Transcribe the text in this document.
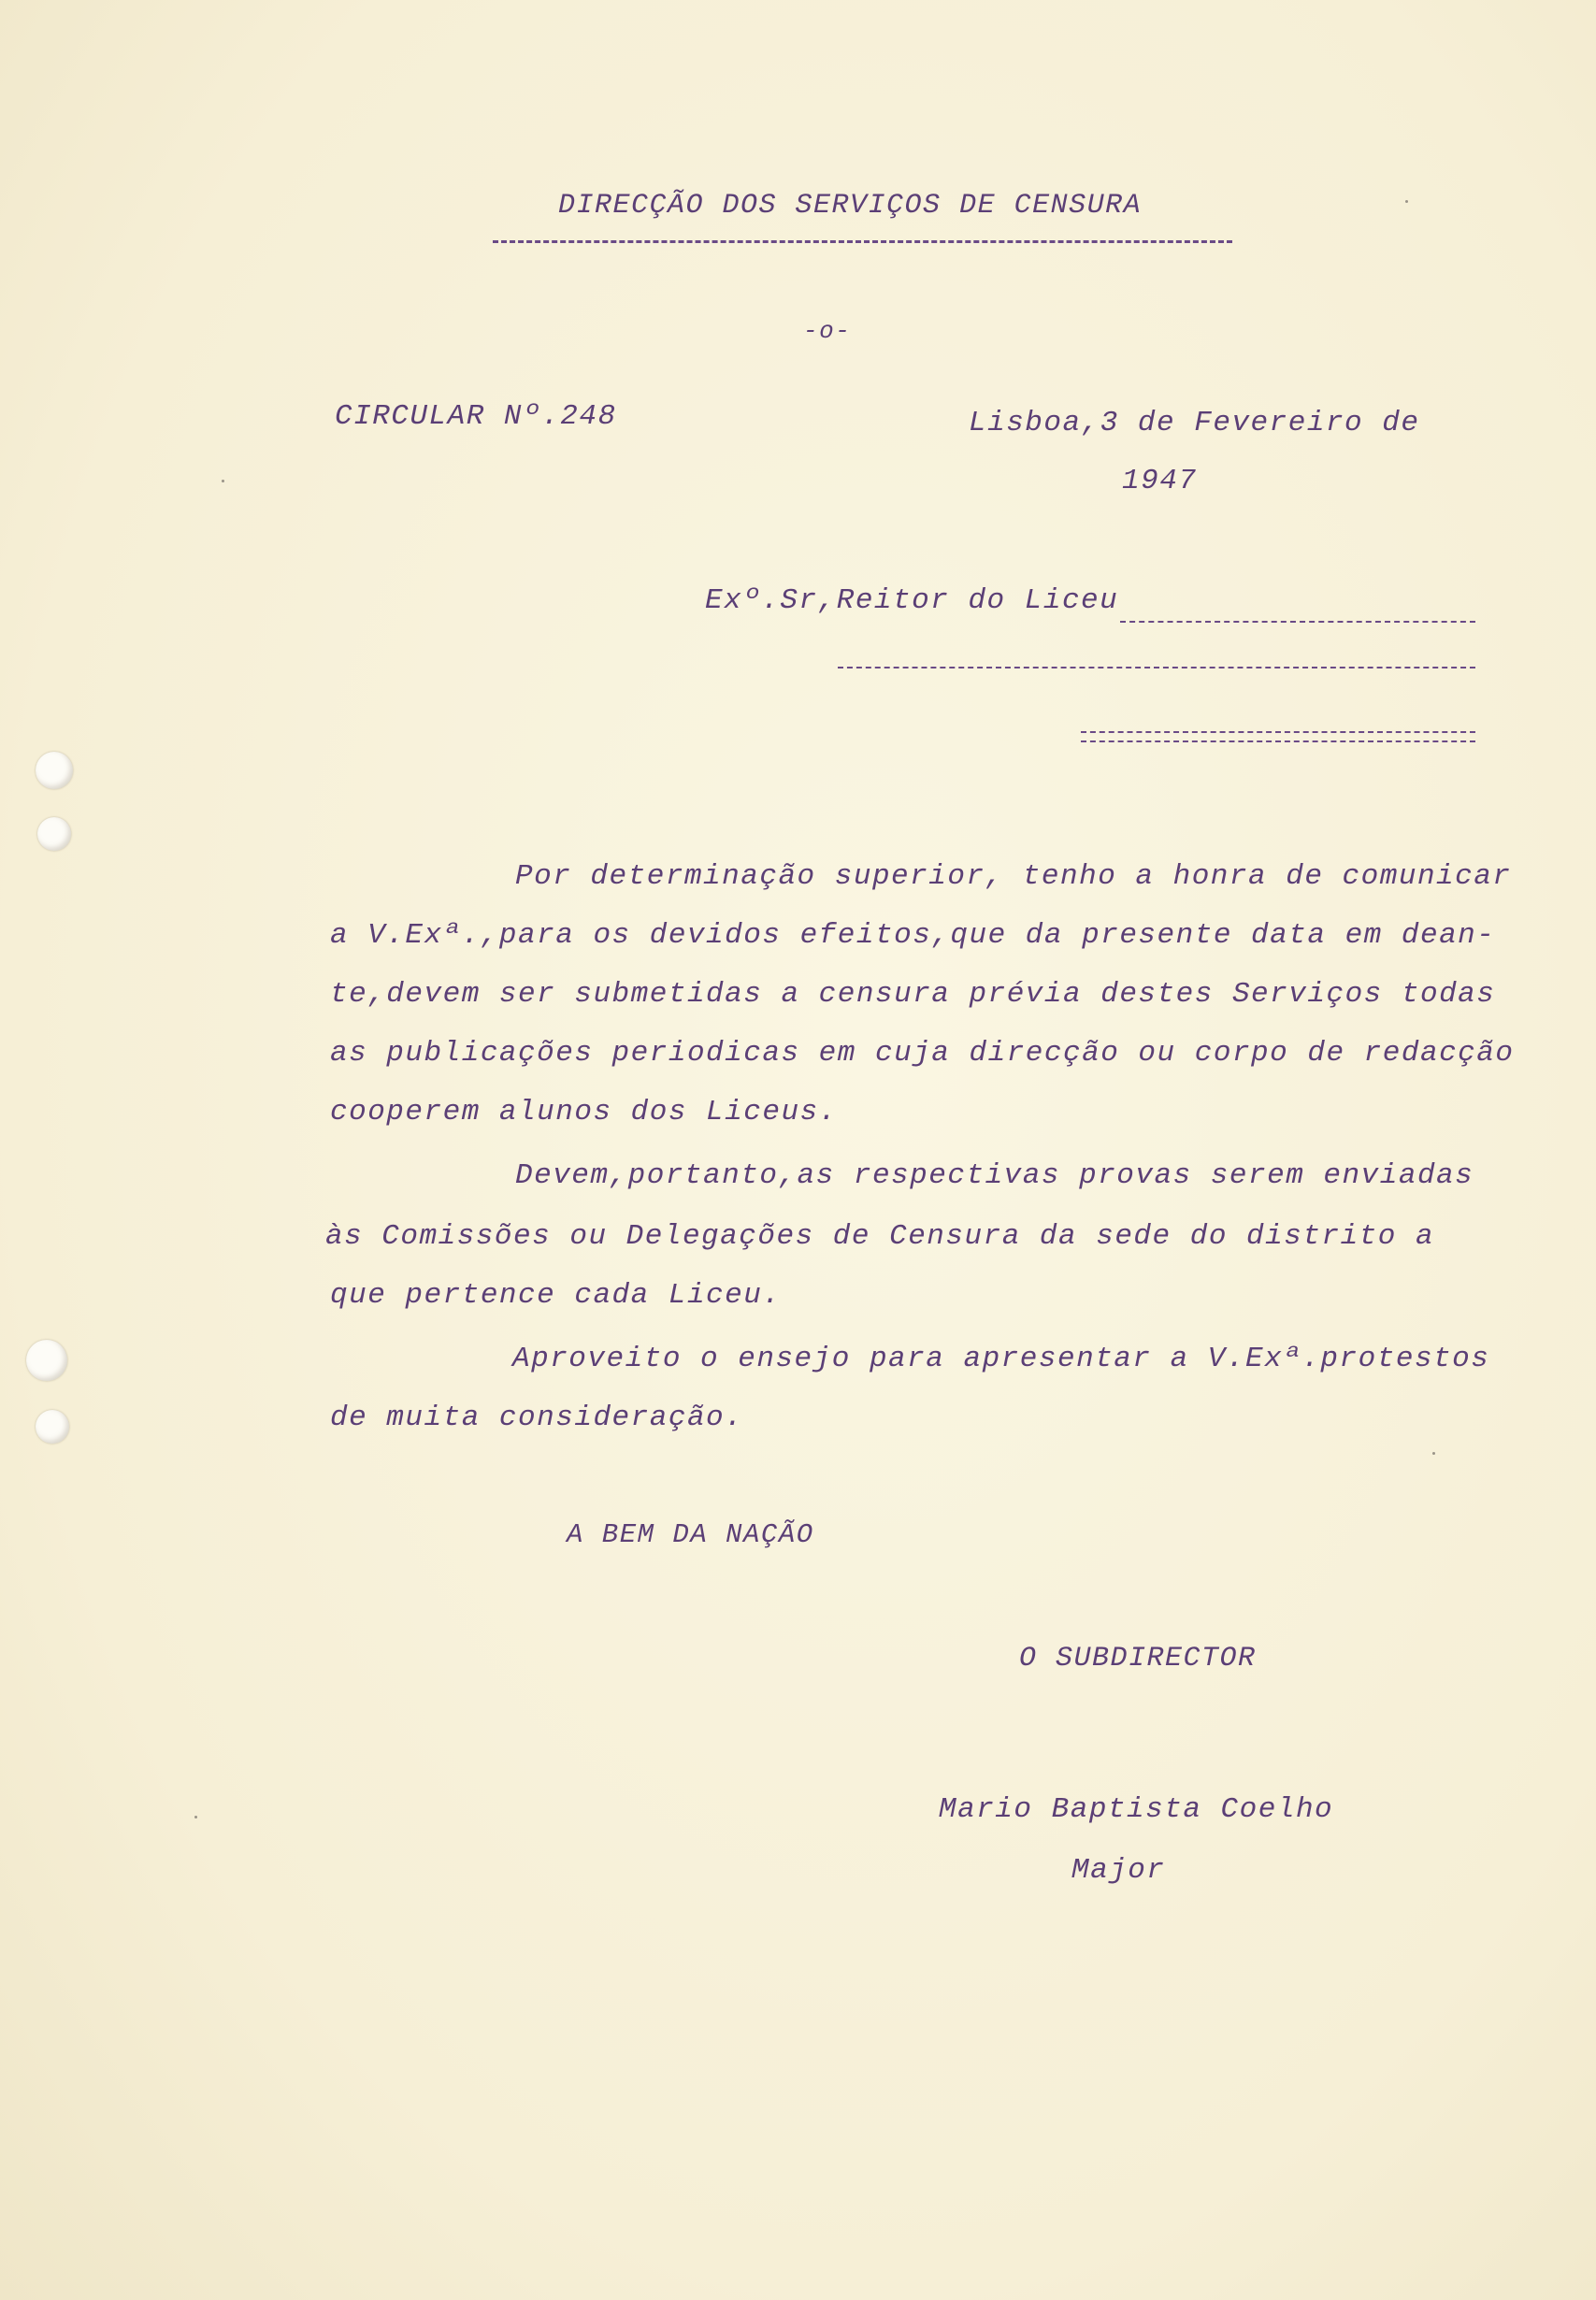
DIRECÇÃO DOS SERVIÇOS DE CENSURA
-o-
CIRCULAR Nº.248	Lisboa,3 de Fevereiro de
1947
Exº.Sr,Reitor do Liceu
Por determinação superior, tenho a honra de comunicar
a V.Exª.,para os devidos efeitos,que da presente data em dean-
te,devem ser submetidas a censura prévia destes Serviços todas
as publicações periodicas em cuja direcção ou corpo de redacção
cooperem alunos dos Liceus.
Devem,portanto,as respectivas provas serem enviadas
às Comissões ou Delegações de Censura da sede do distrito a
que pertence cada Liceu.
Aproveito o ensejo para apresentar a V.Exª.protestos
de muita consideração.
A BEM DA NAÇÃO
O SUBDIRECTOR
Mario Baptista Coelho
Major
